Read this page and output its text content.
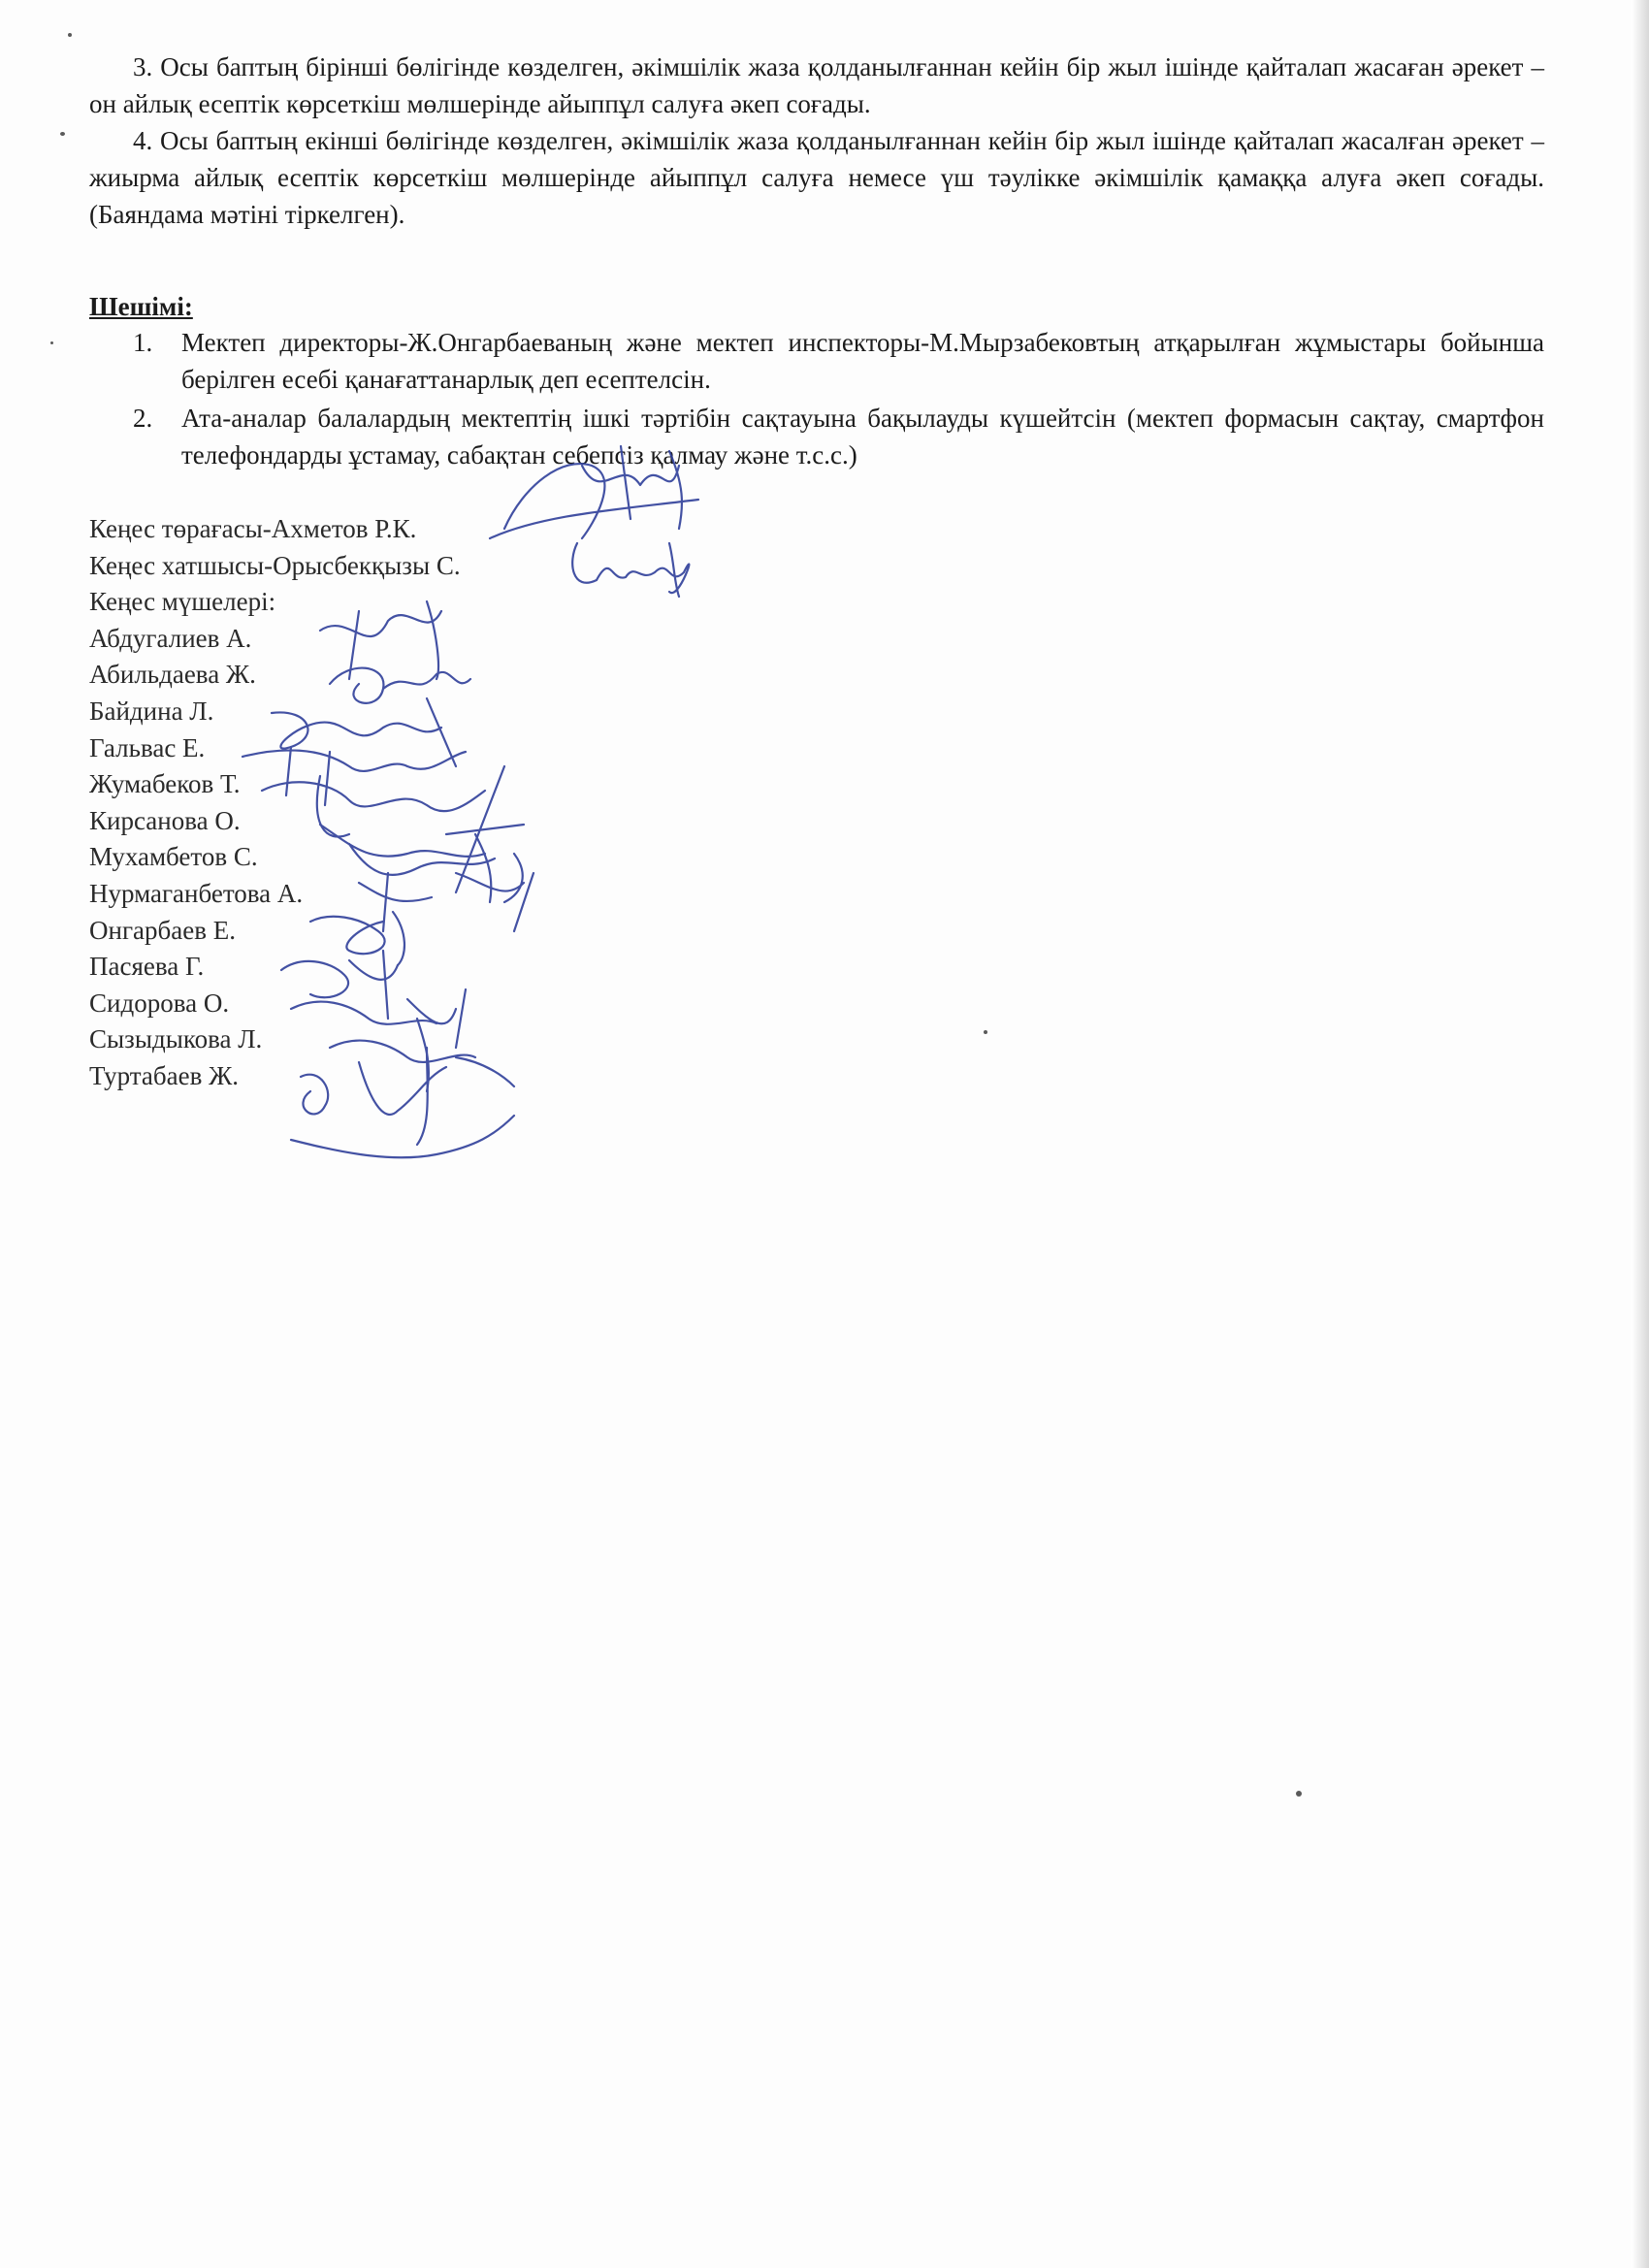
3. Осы баптың бірінші бөлігінде көзделген, әкімшілік жаза қолданылғаннан кейін бір жыл ішінде қайталап жасаған әрекет – он айлық есептік көрсеткіш мөлшерінде айыппұл салуға әкеп соғады.

4. Осы баптың екінші бөлігінде көзделген, әкімшілік жаза қолданылғаннан кейін бір жыл ішінде қайталап жасалған әрекет – жиырма айлық есептік көрсеткіш мөлшерінде айыппұл салуға немесе үш тәулікке әкімшілік қамаққа алуға әкеп соғады. (Баяндама мәтіні тіркелген).

Шешімі:

1. Мектеп директоры-Ж.Онгарбаеваның және мектеп инспекторы-М.Мырзабековтың атқарылған жұмыстары бойынша берілген есебі қанағаттанарлық деп есептелсін.
2. Ата-аналар балалардың мектептің ішкі тәртібін сақтауына бақылауды күшейтсін (мектеп формасын сақтау, смартфон телефондарды ұстамау, сабақтан себепсіз қалмау және т.с.с.)
Кеңес төрағасы-Ахметов Р.К.
Кеңес хатшысы-Орысбекқызы С.
Кеңес мүшелері:
Абдугалиев А.
Абильдаева Ж.
Байдина Л.
Гальвас Е.
Жумабеков Т.
Кирсанова О.
Мухамбетов С.
Нурмаганбетова А.
Онгарбаев Е.
Пасяева Г.
Сидорова О.
Сызыдыкова Л.
Туртабаев Ж.
